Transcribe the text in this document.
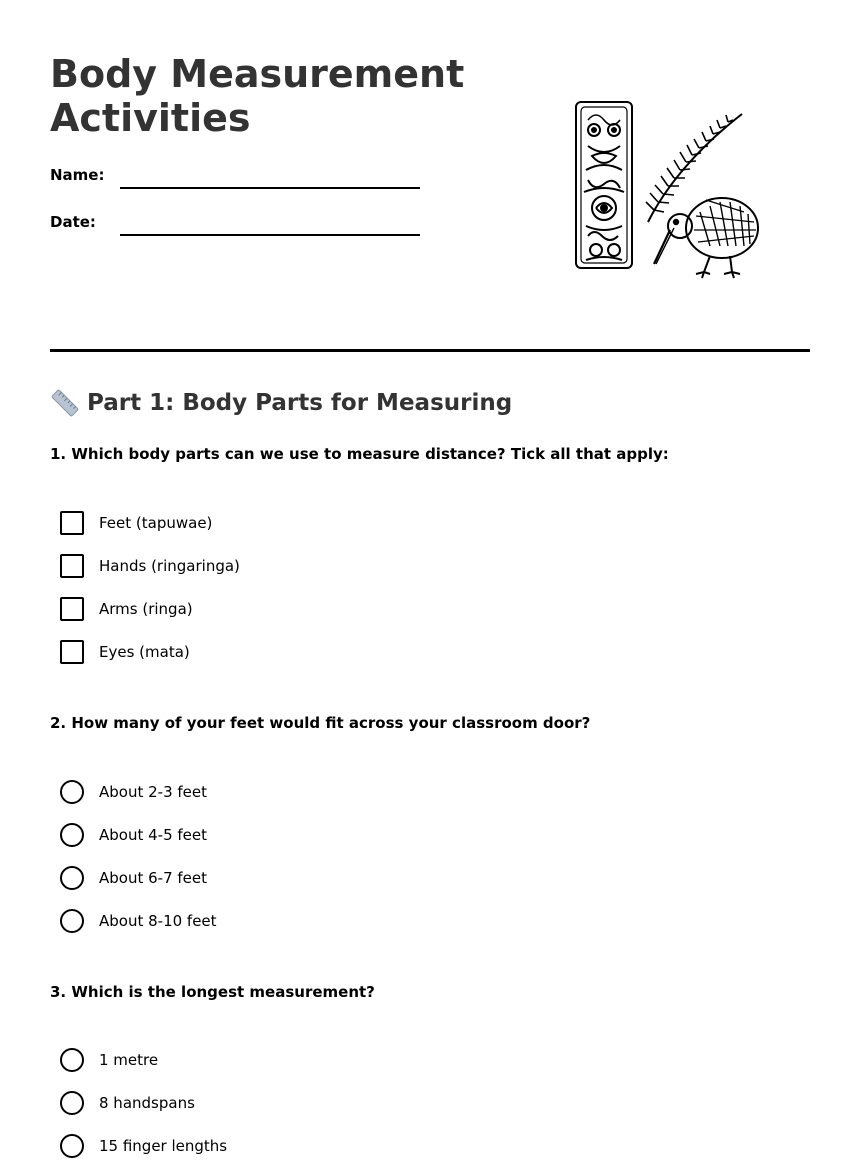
Body Measurement
Activities
Name:
Date:
Part 1: Body Parts for Measuring

1. Which body parts can we use to measure distance? Tick all that apply:

Feet (tapuwae)
Hands (ringaringa)
Arms (ringa)
Eyes (mata)

2. How many of your feet would fit across your classroom door?

About 2-3 feet
About 4-5 feet
About 6-7 feet
About 8-10 feet

3. Which is the longest measurement?

1 metre
8 handspans
15 finger lengths
